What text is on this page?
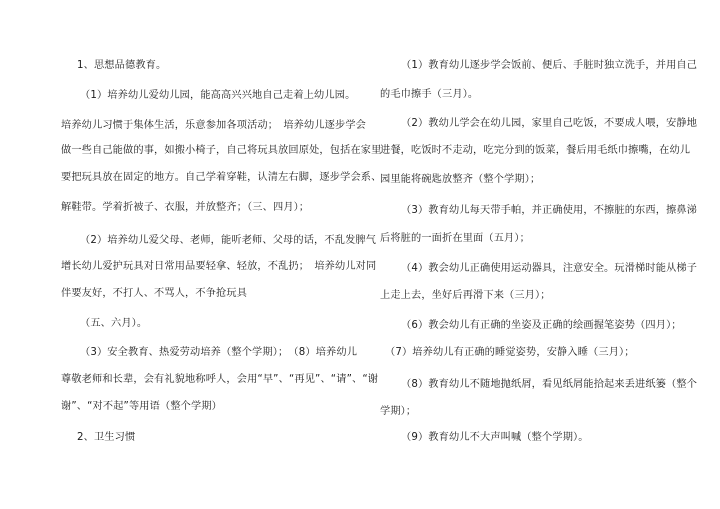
1、思想品德教育。
（1）培养幼儿爱幼儿园，能高高兴兴地自己走着上幼儿园。
培养幼儿习惯于集体生活，乐意参加各项活动；　培养幼儿逐步学会
做一些自己能做的事，如搬小椅子，自己将玩具放回原处，包括在家里
要把玩具放在固定的地方。自己学着穿鞋，认清左右脚，逐步学会系、
解鞋带。学着折被子、衣服，并放整齐；（三、四月）；
（2）培养幼儿爱父母、老师，能听老师、父母的话，不乱发脾气
增长幼儿爱护玩具对日常用品要轻拿、轻放，不乱扔；　培养幼儿对同
伴要友好，不打人、不骂人，不争抢玩具
（五、六月）。
（3）安全教育、热爱劳动培养（整个学期）；　（8）培养幼儿
尊敬老师和长辈，会有礼貌地称呼人，会用“早”、“再见”、“请”、“谢
谢”、“对不起”等用语（整个学期）
2、卫生习惯
（1）教育幼儿逐步学会饭前、便后、手脏时独立洗手，并用自己
的毛巾擦手（三月）。
（2）教幼儿学会在幼儿园，家里自己吃饭，不要成人喂，安静地
进餐，吃饭时不走动，吃完分到的饭菜，餐后用毛纸巾擦嘴，在幼儿
园里能将碗匙放整齐（整个学期）；
（3）教育幼儿每天带手帕，并正确使用，不擦脏的东西，擦鼻涕
后将脏的一面折在里面（五月）；
（4）教会幼儿正确使用运动器具，注意安全。玩滑梯时能从梯子
上走上去，坐好后再滑下来（三月）；
（6）教会幼儿有正确的坐姿及正确的绘画握笔姿势（四月）；
（7）培养幼儿有正确的睡觉姿势，安静入睡（三月）；
（8）教育幼儿不随地抛纸屑，看见纸屑能拾起来丢进纸篓（整个
学期）；
（9）教育幼儿不大声叫喊（整个学期）。
